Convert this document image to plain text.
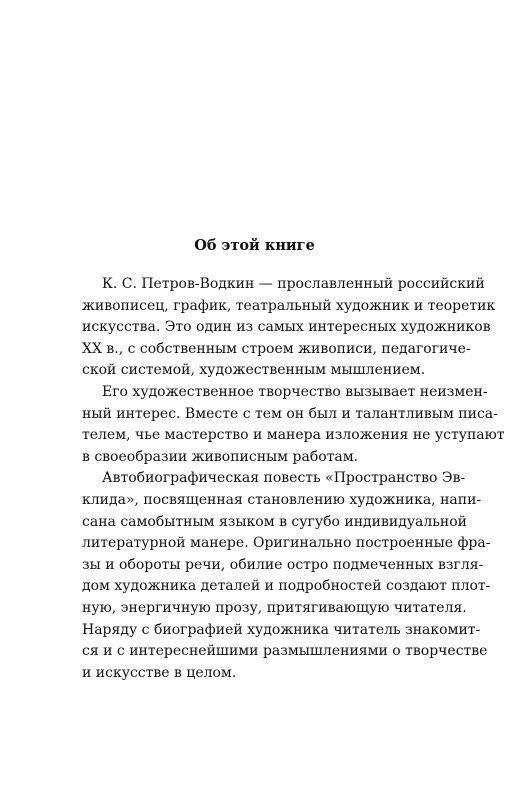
Об этой книге

К. С. Петров-Водкин — прославленный российский
живописец, график, театральный художник и теоретик
искусства. Это один из самых интересных художников
XX в., с собственным строем живописи, педагогиче-
ской системой, художественным мышлением.

Его художественное творчество вызывает неизмен-
ный интерес. Вместе с тем он был и талантливым писа-
телем, чье мастерство и манера изложения не уступают
в своеобразии живописным работам.

Автобиографическая повесть «Пространство Эв-
клида», посвященная становлению художника, напи-
сана самобытным языком в сугубо индивидуальной
литературной манере. Оригинально построенные фра-
зы и обороты речи, обилие остро подмеченных взгля-
дом художника деталей и подробностей создают плот-
ную, энергичную прозу, притягивающую читателя.
Наряду с биографией художника читатель знакомит-
ся и с интереснейшими размышлениями о творчестве
и искусстве в целом.
